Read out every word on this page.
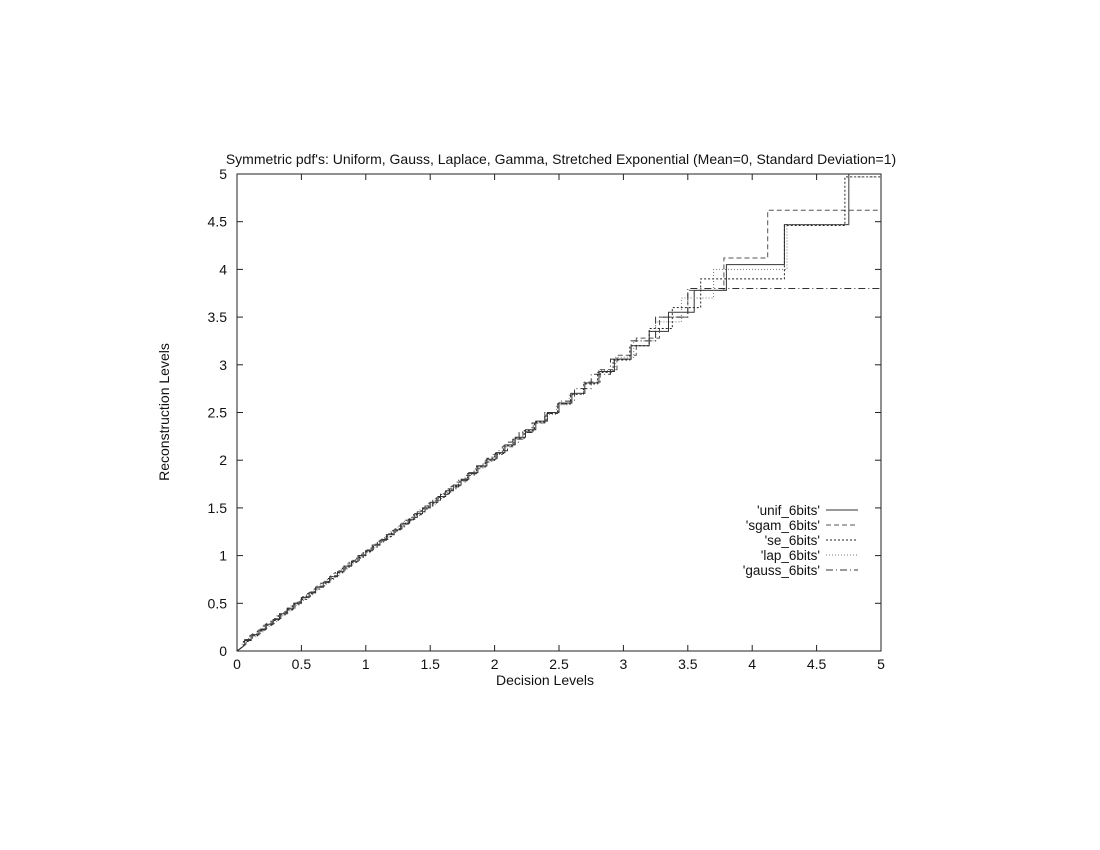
Symmetric pdf's: Uniform, Gauss, Laplace, Gamma, Stretched Exponential (Mean=0, Standard Deviation=1)
0	0.5	1	1.5	2	2.5	3	3.5	4	4.5	5
0
0.5
1
1.5
2
2.5
3
3.5
4
4.5
5
Decision Levels
Reconstruction Levels
'unif_6bits'
'sgam_6bits'
'se_6bits'
'lap_6bits'
'gauss_6bits'
